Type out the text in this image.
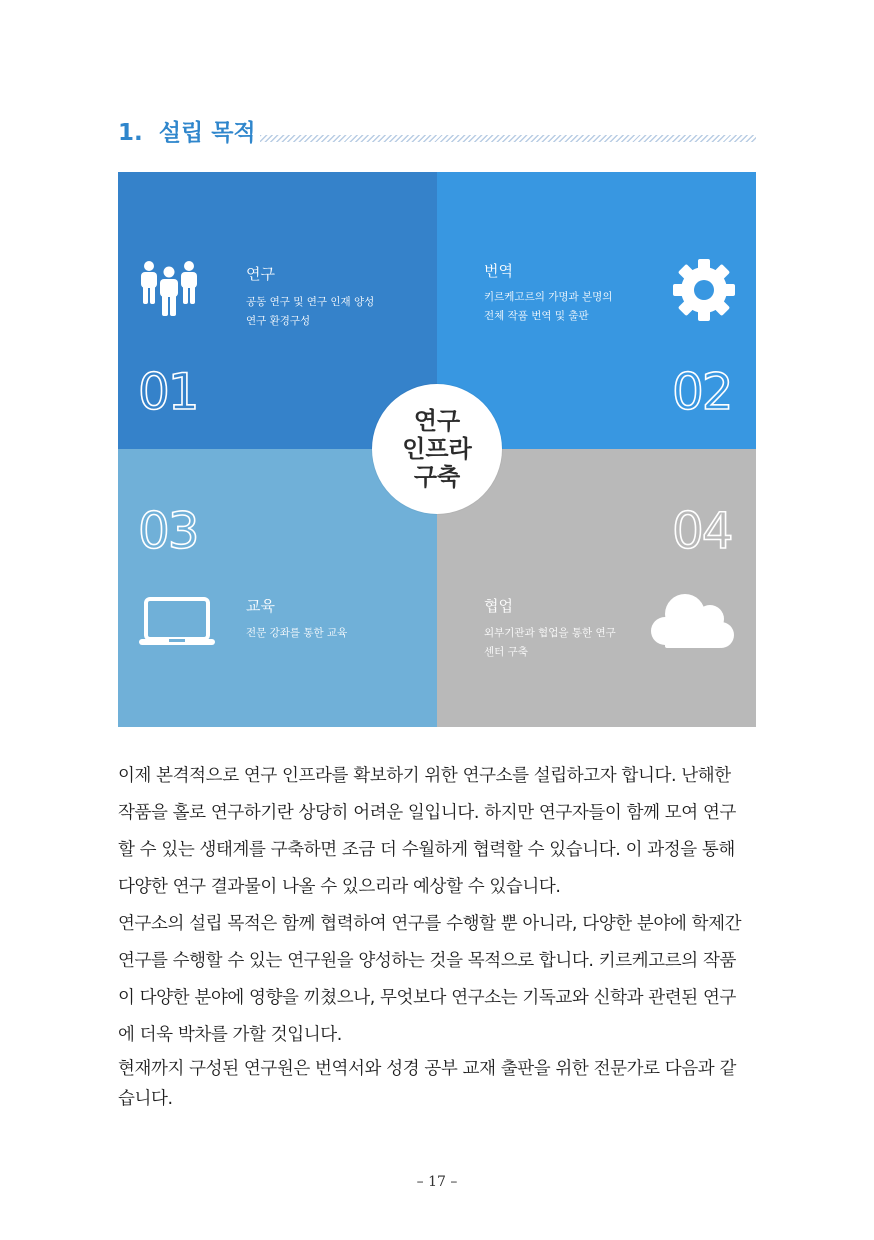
1. 설립 목적
연구
공동 연구 및 연구 인재 양성
연구 환경구성
01
번역
키르케고르의 가명과 본명의
전체 작품 번역 및 출판
02
03
교육
전문 강좌를 통한 교육
04
협업
외부기관과 협업을 통한 연구
센터 구축
연구
인프라
구축

이제 본격적으로 연구 인프라를 확보하기 위한 연구소를 설립하고자 합니다. 난해한
작품을 홀로 연구하기란 상당히 어려운 일입니다. 하지만 연구자들이 함께 모여 연구
할 수 있는 생태계를 구축하면 조금 더 수월하게 협력할 수 있습니다. 이 과정을 통해
다양한 연구 결과물이 나올 수 있으리라 예상할 수 있습니다.

연구소의 설립 목적은 함께 협력하여 연구를 수행할 뿐 아니라, 다양한 분야에 학제간
연구를 수행할 수 있는 연구원을 양성하는 것을 목적으로 합니다. 키르케고르의 작품
이 다양한 분야에 영향을 끼쳤으나, 무엇보다 연구소는 기독교와 신학과 관련된 연구
에 더욱 박차를 가할 것입니다.

현재까지 구성된 연구원은 번역서와 성경 공부 교재 출판을 위한 전문가로 다음과 같
습니다.

– 17 –
